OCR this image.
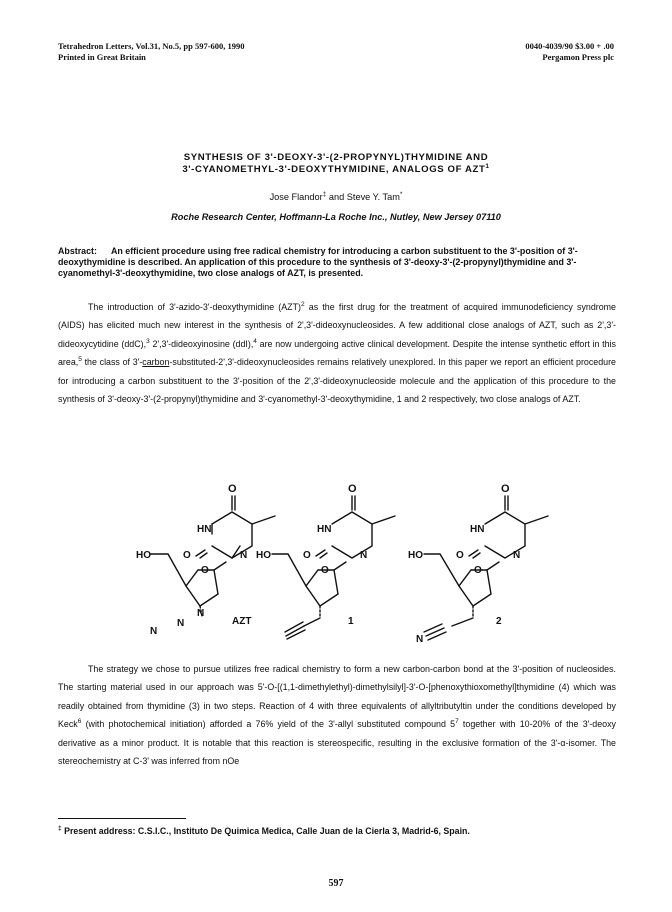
Tetrahedron Letters, Vol.31, No.5, pp 597-600, 1990
Printed in Great Britain
0040-4039/90 $3.00 + .00
Pergamon Press plc
SYNTHESIS OF 3'-DEOXY-3'-(2-PROPYNYL)THYMIDINE AND
3'-CYANOMETHYL-3'-DEOXYTHYMIDINE, ANALOGS OF AZT$^1$
Jose Flandor‡ and Steve Y. Tam*
Roche Research Center, Hoffmann-La Roche Inc., Nutley, New Jersey 07110
Abstract: An efficient procedure using free radical chemistry for introducing a carbon substituent to the 3'-position of 3'-deoxythymidine is described. An application of this procedure to the synthesis of 3'-deoxy-3'-(2-propynyl)thymidine and 3'-cyanomethyl-3'-deoxythymidine, two close analogs of AZT, is presented.

The introduction of 3'-azido-3'-deoxythymidine (AZT)$^2$ as the first drug for the treatment of acquired immunodeficiency syndrome (AIDS) has elicited much new interest in the synthesis of 2',3'-dideoxynucleosides. A few additional close analogs of AZT, such as 2',3'-dideoxycytidine (ddC),$^3$ 2',3'-dideoxyinosine (ddI),$^4$ are now undergoing active clinical development. Despite the intense synthetic effort in this area,$^5$ the class of 3'-carbon-substituted-2',3'-dideoxynucleosides remains relatively unexplored. In this paper we report an efficient procedure for introducing a carbon substituent to the 3'-position of the 2',3'-dideoxynucleoside molecule and the application of this procedure to the synthesis of 3'-deoxy-3'-(2-propynyl)thymidine and 3'-cyanomethyl-3'-deoxythymidine, 1 and 2 respectively, two close analogs of AZT.

O
HN
O	N
HO
O
N
N
N
AZT
O
HN
O	N
HO
O
1
O
HN
O	N
HO
O
N
2

The strategy we chose to pursue utilizes free radical chemistry to form a new carbon-carbon bond at the 3'-position of nucleosides. The starting material used in our approach was 5'-O-[(1,1-dimethylethyl)-dimethylsilyl]-3'-O-[phenoxythioxomethyl]thymidine (4) which was readily obtained from thymidine (3) in two steps. Reaction of 4 with three equivalents of allyltributyltin under the conditions developed by Keck$^6$ (with photochemical initiation) afforded a 76% yield of the 3'-allyl substituted compound $5^7$ together with 10-20% of the 3'-deoxy derivative as a minor product. It is notable that this reaction is stereospecific, resulting in the exclusive formation of the 3'-α-isomer. The stereochemistry at C-3' was inferred from nOe

‡ Present address: C.S.I.C., Instituto De Quimica Medica, Calle Juan de la Cierla 3, Madrid-6, Spain.
597
